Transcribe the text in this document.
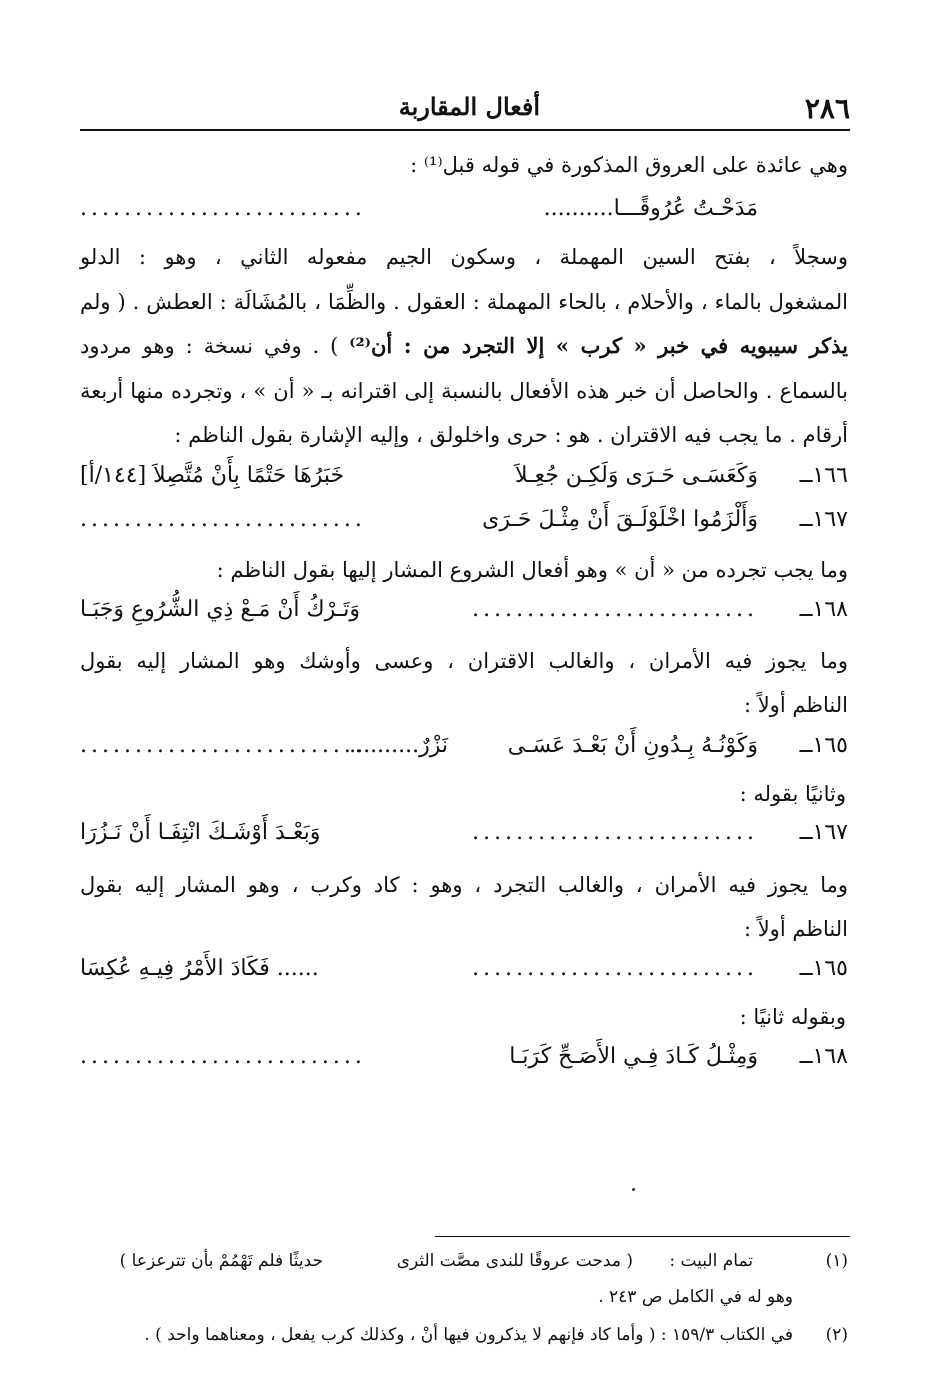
٢٨٦
أفعال المقاربة
وهي عائدة على العروق المذكورة في قوله قبل⁽¹⁾ :
مَدَحْـتُ عُرُوقًـــا..........
..........................
وسجلاً ، بفتح السين المهملة ، وسكون الجيم مفعوله الثاني ، وهو : الدلو
المشغول بالماء ، والأحلام ، بالحاء المهملة : العقول . والظِّمَا ، بالمُشَالَة : العطش . ( ولم
يذكر سيبويه في خبر « كرب » إلا التجرد من : أن⁽²⁾ ) . وفي نسخة : وهو مردود
بالسماع . والحاصل أن خبر هذه الأفعال بالنسبة إلى اقترانه بـ « أن » ، وتجرده منها أربعة
أرقام . ما يجب فيه الاقتران . هو : حرى واخلولق ، وإليه الإشارة بقول الناظم :
١٦٦ــ
وَكَعَسَـى حَـرَى وَلَكِـن جُعِـلاَ
خَبَرُهَا حَتْمًا بِأَنْ مُتَّصِلاَ [١٤٤/أ]
١٦٧ــ
وَأَلْزَمُوا اخْلَوْلَـقَ أَنْ مِثْـلَ حَـرَى
..........................
وما يجب تجرده من « أن » وهو أفعال الشروع المشار إليها بقول الناظم :
١٦٨ــ
..........................
وَتَـرْكُ أَنْ مَـعْ ذِي الشُّرُوعِ وَجَبَـا
وما يجوز فيه الأمران ، والغالب الاقتران ، وعسى وأوشك وهو المشار إليه بقول
الناظم أولاً :
١٦٥ــ
وَكَوْنُـهُ بِـدُونِ أَنْ بَعْـدَ عَسَـى
نَزْرٌ..........
..........................
وثانيًا بقوله :
١٦٧ــ
..........................
وَبَعْـدَ أَوْشَـكَ انْتِفَـا أَنْ نَـزُرَا
وما يجوز فيه الأمران ، والغالب التجرد ، وهو : كاد وكرب ، وهو المشار إليه بقول
الناظم أولاً :
١٦٥ــ
..........................
...... فَكَادَ الأَمْرُ فِيـهِ عُكِسَا
وبقوله ثانيًا :
١٦٨ــ
وَمِثْـلُ كَـادَ فِـي الأَصَـحِّ كَرَبَـا
..........................
(١)
تمام البيت :
( مدحت عروقًا للندى مصَّت الثرى
حديثًا فلم تَهْمُمْ بأن تترعزعا )
وهو له في الكامل ص ٢٤٣ .
(٢)
في الكتاب ١٥٩/٣ : ( وأما كاد فإنهم لا يذكرون فيها أنْ ، وكذلك كرب يفعل ، ومعناهما واحد ) .
